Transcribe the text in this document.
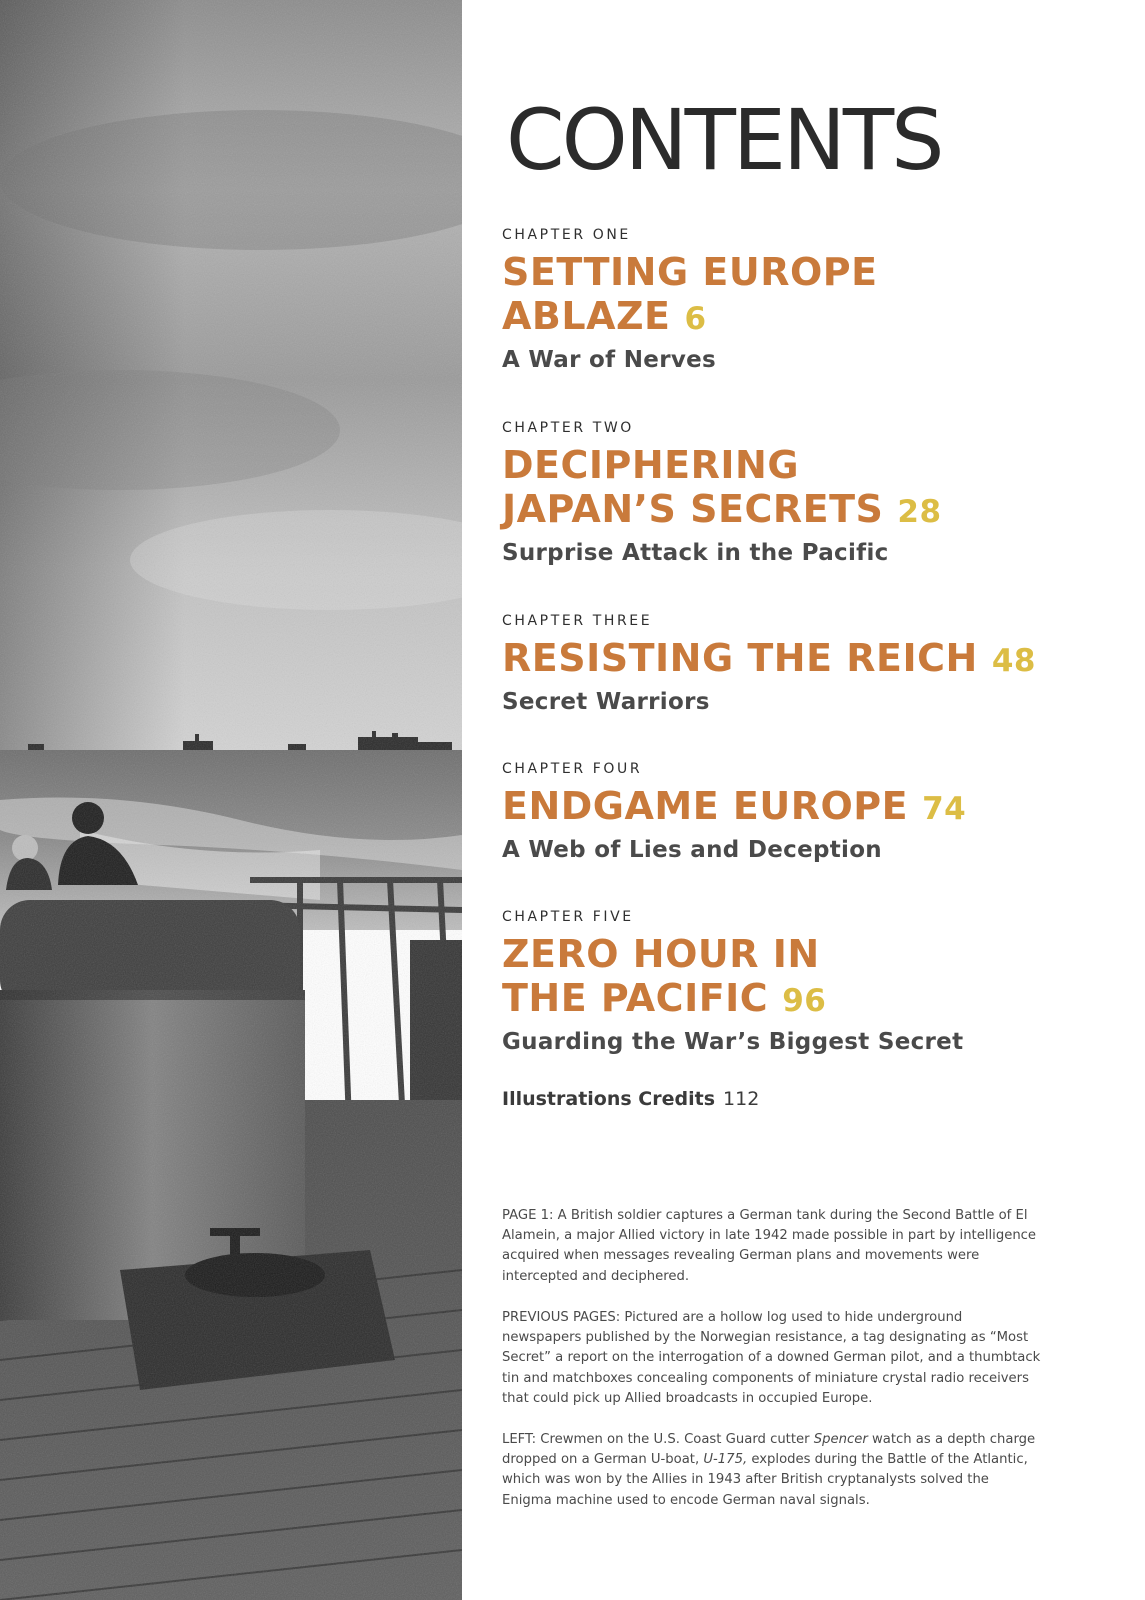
CONTENTS
CHAPTER ONE
SETTING EUROPE
ABLAZE 6
A War of Nerves
CHAPTER TWO
DECIPHERING
JAPAN’S SECRETS 28
Surprise Attack in the Pacific
CHAPTER THREE
RESISTING THE REICH 48
Secret Warriors
CHAPTER FOUR
ENDGAME EUROPE 74
A Web of Lies and Deception
CHAPTER FIVE
ZERO HOUR IN
THE PACIFIC 96
Guarding the War’s Biggest Secret
Illustrations Credits 112

PAGE 1: A British soldier captures a German tank during the Second Battle of El Alamein, a major Allied victory in late 1942 made possible in part by intelligence acquired when messages revealing German plans and movements were intercepted and deciphered.

PREVIOUS PAGES: Pictured are a hollow log used to hide underground newspapers published by the Norwegian resistance, a tag designating as “Most Secret” a report on the interrogation of a downed German pilot, and a thumbtack tin and matchboxes concealing components of miniature crystal radio receivers that could pick up Allied broadcasts in occupied Europe.

LEFT: Crewmen on the U.S. Coast Guard cutter Spencer watch as a depth charge dropped on a German U-boat, U-175, explodes during the Battle of the Atlantic, which was won by the Allies in 1943 after British cryptanalysts solved the Enigma machine used to encode German naval signals.
